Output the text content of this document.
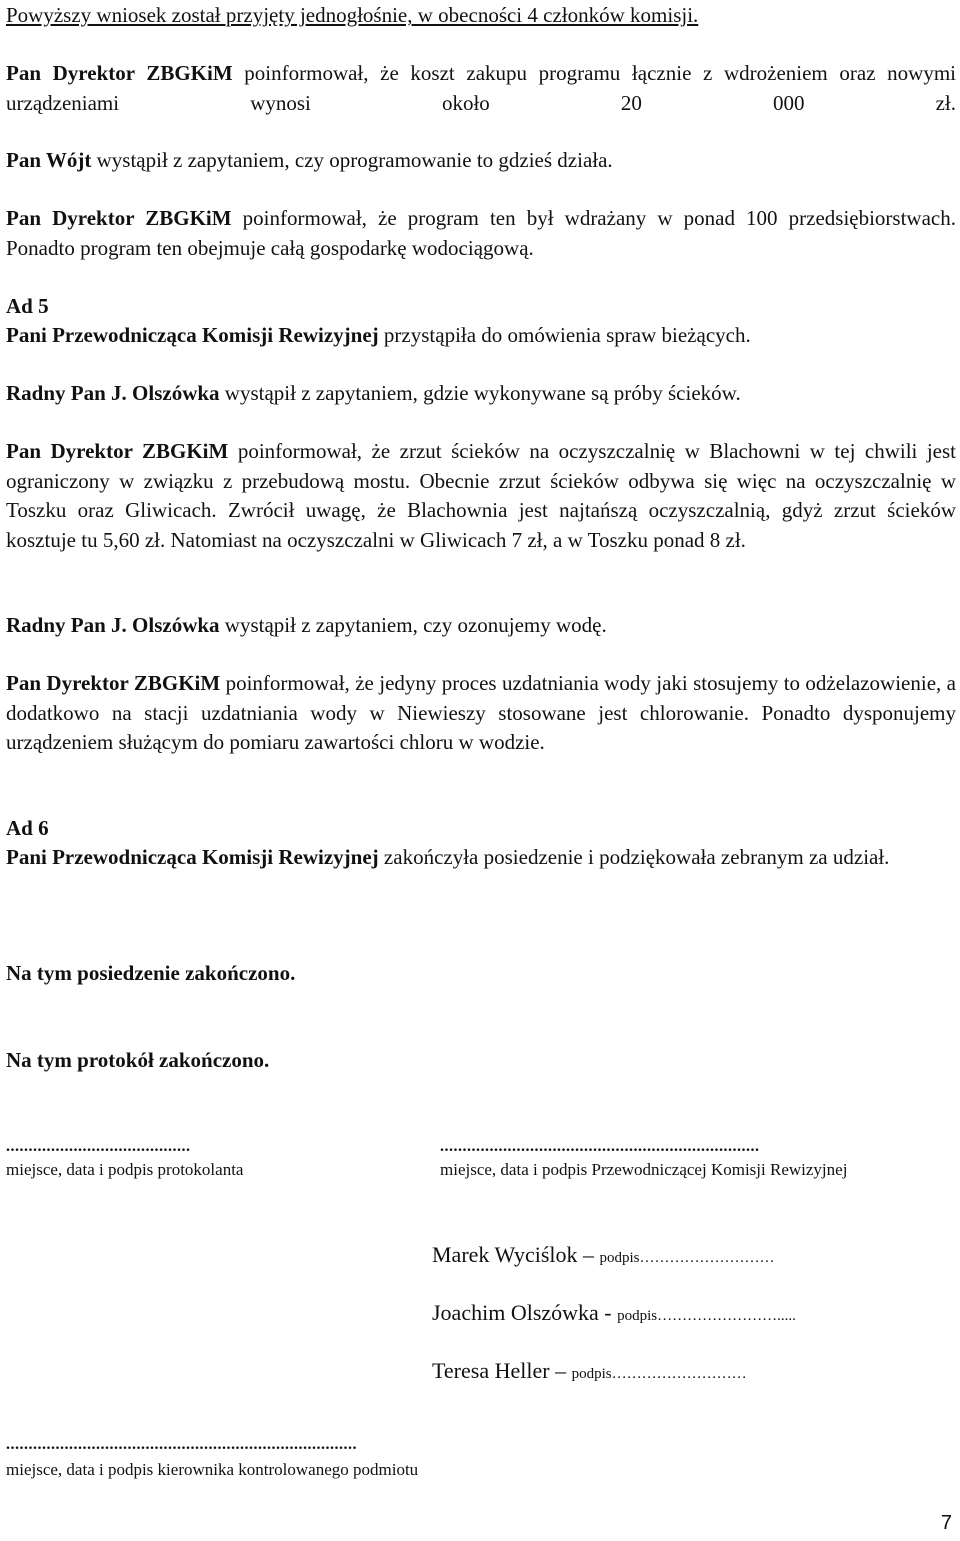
Powyższy wniosek został przyjęty jednogłośnie, w obecności 4 członków komisji.

Pan Dyrektor ZBGKiM poinformował, że koszt zakupu programu łącznie z wdrożeniem oraz nowymi urządzeniami wynosi około 20 000 zł.

Pan Wójt wystąpił z zapytaniem, czy oprogramowanie to gdzieś działa.

Pan Dyrektor ZBGKiM poinformował, że program ten był wdrażany w ponad 100 przedsiębiorstwach. Ponadto program ten obejmuje całą gospodarkę wodociągową.

Ad 5

Pani Przewodnicząca Komisji Rewizyjnej przystąpiła do omówienia spraw bieżących.

Radny Pan J. Olszówka wystąpił z zapytaniem, gdzie wykonywane są próby ścieków.

Pan Dyrektor ZBGKiM poinformował, że zrzut ścieków na oczyszczalnię w Blachowni w tej chwili jest ograniczony w związku z przebudową mostu. Obecnie zrzut ścieków odbywa się więc na oczyszczalnię w Toszku oraz Gliwicach. Zwrócił uwagę, że Blachownia jest najtańszą oczyszczalnią, gdyż zrzut ścieków kosztuje tu 5,60 zł. Natomiast na oczyszczalni w Gliwicach 7 zł, a w Toszku ponad 8 zł.

Radny Pan J. Olszówka wystąpił z zapytaniem, czy ozonujemy wodę.

Pan Dyrektor ZBGKiM poinformował, że jedyny proces uzdatniania wody jaki stosujemy to odżelazowienie, a dodatkowo na stacji uzdatniania wody w Niewieszy stosowane jest chlorowanie. Ponadto dysponujemy urządzeniem służącym do pomiaru zawartości chloru w wodzie.

Ad 6

Pani Przewodnicząca Komisji Rewizyjnej zakończyła posiedzenie i podziękowała zebranym za udział.

Na tym posiedzenie zakończono.

Na tym protokół zakończono.

.........................................
miejsce, data i podpis protokolanta
.......................................................................
miejsce, data i podpis Przewodniczącej Komisji Rewizyjnej
Marek Wyciślok – podpis………………………
Joachim Olszówka - podpis…………………….....
Teresa Heller – podpis………………………
..............................................................................
miejsce, data i podpis kierownika kontrolowanego podmiotu
7
